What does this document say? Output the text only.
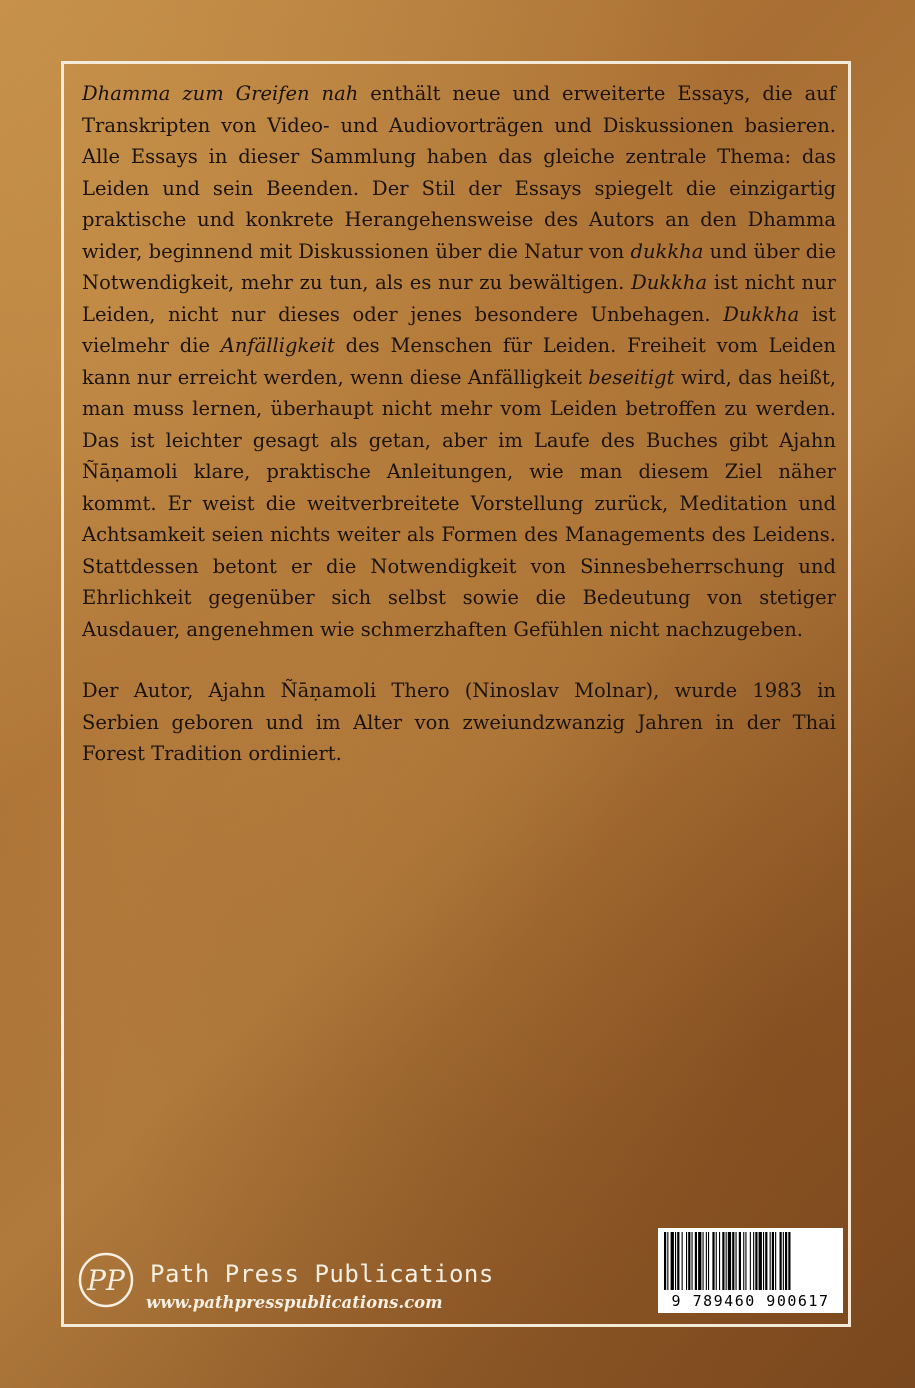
Dhamma zum Greifen nah enthält neue und erweiterte Essays, die auf Transkripten von Video- und Audiovorträgen und Diskussionen basieren. Alle Essays in dieser Sammlung haben das gleiche zentrale Thema: das Leiden und sein Beenden. Der Stil der Essays spiegelt die einzigartig praktische und konkrete Herangehensweise des Autors an den Dhamma wider, beginnend mit Diskussionen über die Natur von dukkha und über die Notwendigkeit, mehr zu tun, als es nur zu bewältigen. Dukkha ist nicht nur Leiden, nicht nur dieses oder jenes besondere Unbehagen. Dukkha ist vielmehr die Anfälligkeit des Menschen für Leiden. Freiheit vom Leiden kann nur erreicht werden, wenn diese Anfälligkeit beseitigt wird, das heißt, man muss lernen, überhaupt nicht mehr vom Leiden betroffen zu werden. Das ist leichter gesagt als getan, aber im Laufe des Buches gibt Ajahn Ñāṇamoli klare, praktische Anleitungen, wie man diesem Ziel näher kommt. Er weist die weitverbreitete Vorstellung zurück, Meditation und Achtsamkeit seien nichts weiter als Formen des Managements des Leidens. Stattdessen betont er die Notwendigkeit von Sinnesbeherrschung und Ehrlichkeit gegenüber sich selbst sowie die Bedeutung von stetiger Ausdauer, angenehmen wie schmerzhaften Gefühlen nicht nachzugeben.

Der Autor, Ajahn Ñāṇamoli Thero (Ninoslav Molnar), wurde 1983 in Serbien geboren und im Alter von zweiundzwanzig Jahren in der Thai Forest Tradition ordiniert.

PP Path Press Publications
www.pathpresspublications.com	9 789460 900617
